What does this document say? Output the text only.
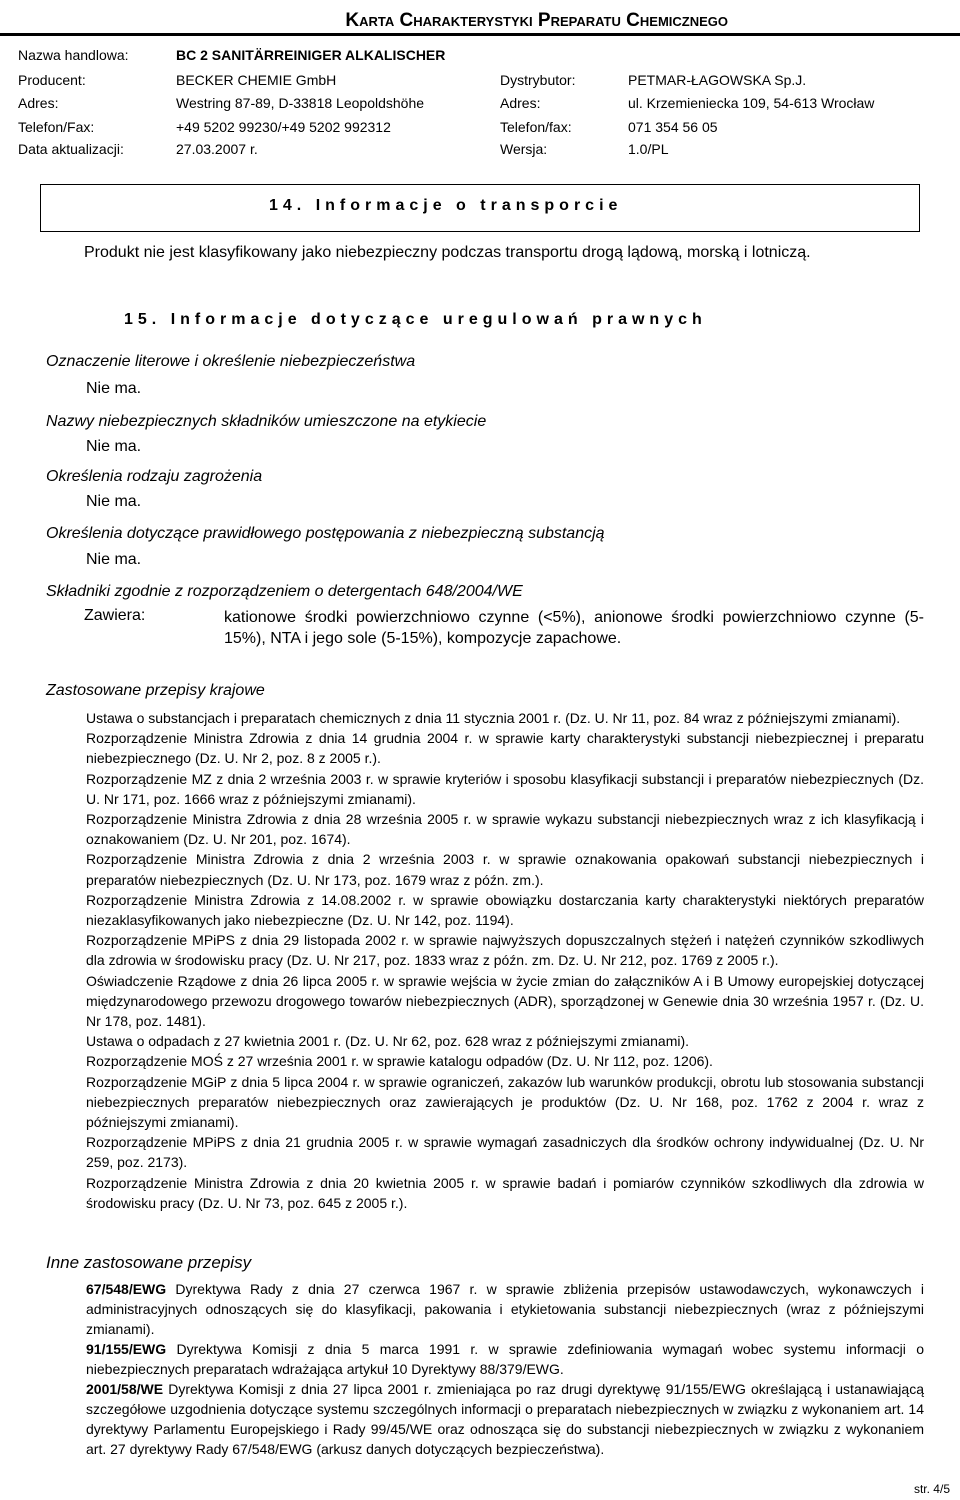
Karta Charakterystyki Preparatu Chemicznego
Nazwa handlowa:	BC 2 SANITÄRREINIGER ALKALISCHER
Producent:	BECKER CHEMIE GmbH	Dystrybutor:	PETMAR-ŁAGOWSKA Sp.J.
Adres:	Westring 87-89, D-33818 Leopoldshöhe	Adres:	ul. Krzemieniecka 109, 54-613 Wrocław
Telefon/Fax:	+49 5202 99230/+49 5202 992312	Telefon/fax:	071 354 56 05
Data aktualizacji:	27.03.2007 r.	Wersja:	1.0/PL
14. Informacje o transporcie
Produkt nie jest klasyfikowany jako niebezpieczny podczas transportu drogą lądową, morską i lotniczą.
15. Informacje dotyczące uregulowań prawnych
Oznaczenie literowe i określenie niebezpieczeństwa
Nie ma.
Nazwy niebezpiecznych składników umieszczone na etykiecie
Nie ma.
Określenia rodzaju zagrożenia
Nie ma.
Określenia dotyczące prawidłowego postępowania z niebezpieczną substancją
Nie ma.
Składniki zgodnie z rozporządzeniem o detergentach 648/2004/WE
Zawiera:	kationowe środki powierzchniowo czynne (<5%), anionowe środki powierzchniowo czynne (5-15%), NTA i jego sole (5-15%), kompozycje zapachowe.
Zastosowane przepisy krajowe

Ustawa o substancjach i preparatach chemicznych z dnia 11 stycznia 2001 r. (Dz. U. Nr 11, poz. 84 wraz z późniejszymi zmianami).

Rozporządzenie Ministra Zdrowia z dnia 14 grudnia 2004 r. w sprawie karty charakterystyki substancji niebezpiecznej i preparatu niebezpiecznego (Dz. U. Nr 2, poz. 8 z 2005 r.).

Rozporządzenie MZ z dnia 2 września 2003 r. w sprawie kryteriów i sposobu klasyfikacji substancji i preparatów niebezpiecznych (Dz. U. Nr 171, poz. 1666 wraz z późniejszymi zmianami).

Rozporządzenie Ministra Zdrowia z dnia 28 września 2005 r. w sprawie wykazu substancji niebezpiecznych wraz z ich klasyfikacją i oznakowaniem (Dz. U. Nr 201, poz. 1674).

Rozporządzenie Ministra Zdrowia z dnia 2 września 2003 r. w sprawie oznakowania opakowań substancji niebezpiecznych i preparatów niebezpiecznych (Dz. U. Nr 173, poz. 1679 wraz z późn. zm.).

Rozporządzenie Ministra Zdrowia z 14.08.2002 r. w sprawie obowiązku dostarczania karty charakterystyki niektórych preparatów niezaklasyfikowanych jako niebezpieczne (Dz. U. Nr 142, poz. 1194).

Rozporządzenie MPiPS z dnia 29 listopada 2002 r. w sprawie najwyższych dopuszczalnych stężeń i natężeń czynników szkodliwych dla zdrowia w środowisku pracy (Dz. U. Nr 217, poz. 1833 wraz z późn. zm. Dz. U. Nr 212, poz. 1769 z 2005 r.).

Oświadczenie Rządowe z dnia 26 lipca 2005 r. w sprawie wejścia w życie zmian do załączników A i B Umowy europejskiej dotyczącej międzynarodowego przewozu drogowego towarów niebezpiecznych (ADR), sporządzonej w Genewie dnia 30 września 1957 r. (Dz. U. Nr 178, poz. 1481).

Ustawa o odpadach z 27 kwietnia 2001 r. (Dz. U. Nr 62, poz. 628 wraz z późniejszymi zmianami).

Rozporządzenie MOŚ z 27 września 2001 r. w sprawie katalogu odpadów (Dz. U. Nr 112, poz. 1206).

Rozporządzenie MGiP z dnia 5 lipca 2004 r. w sprawie ograniczeń, zakazów lub warunków produkcji, obrotu lub stosowania substancji niebezpiecznych preparatów niebezpiecznych oraz zawierających je produktów (Dz. U. Nr 168, poz. 1762 z 2004 r. wraz z późniejszymi zmianami).

Rozporządzenie MPiPS z dnia 21 grudnia 2005 r. w sprawie wymagań zasadniczych dla środków ochrony indywidualnej (Dz. U. Nr 259, poz. 2173).

Rozporządzenie Ministra Zdrowia z dnia 20 kwietnia 2005 r. w sprawie badań i pomiarów czynników szkodliwych dla zdrowia w środowisku pracy (Dz. U. Nr 73, poz. 645 z 2005 r.).

Inne zastosowane przepisy

67/548/EWG Dyrektywa Rady z dnia 27 czerwca 1967 r. w sprawie zbliżenia przepisów ustawodawczych, wykonawczych i administracyjnych odnoszących się do klasyfikacji, pakowania i etykietowania substancji niebezpiecznych (wraz z późniejszymi zmianami).

91/155/EWG Dyrektywa Komisji z dnia 5 marca 1991 r. w sprawie zdefiniowania wymagań wobec systemu informacji o niebezpiecznych preparatach wdrażająca artykuł 10 Dyrektywy 88/379/EWG.

2001/58/WE Dyrektywa Komisji z dnia 27 lipca 2001 r. zmieniająca po raz drugi dyrektywę 91/155/EWG określającą i ustanawiającą szczegółowe uzgodnienia dotyczące systemu szczególnych informacji o preparatach niebezpiecznych w związku z wykonaniem art. 14 dyrektywy Parlamentu Europejskiego i Rady 99/45/WE oraz odnosząca się do substancji niebezpiecznych w związku z wykonaniem art. 27 dyrektywy Rady 67/548/EWG (arkusz danych dotyczących bezpieczeństwa).

str. 4/5
